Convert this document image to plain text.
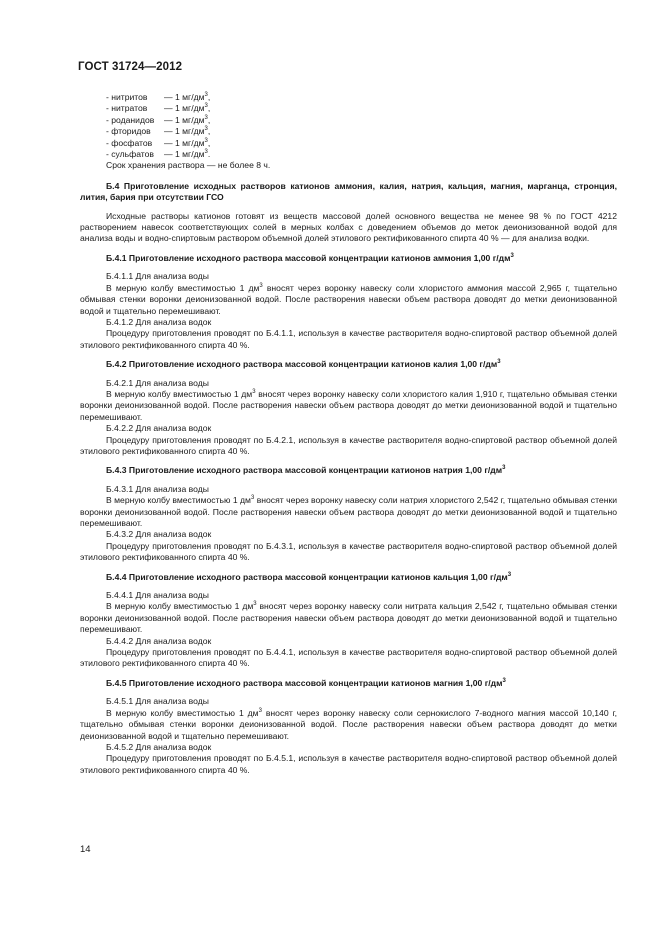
ГОСТ 31724—2012
- нитритов — 1 $мг/дм^3$,
- нитратов — 1 $мг/дм^3$,
- роданидов — 1 $мг/дм^3$,
- фторидов — 1 $мг/дм^3$,
- фосфатов — 1 $мг/дм^3$,
- сульфатов — 1 $мг/дм^3$.
Срок хранения раствора — не более 8 ч.

Б.4 Приготовление исходных растворов катионов аммония, калия, натрия, кальция, магния, марганца, стронция, лития, бария при отсутствии ГСО

Исходные растворы катионов готовят из веществ массовой долей основного вещества не менее 98 % по ГОСТ 4212 растворением навесок соответствующих солей в мерных колбах с доведением объемов до меток деионизованной водой для анализа воды и водно-спиртовым раствором объемной долей этилового ректификованного спирта 40 % — для анализа водки.

Б.4.1 Приготовление исходного раствора массовой концентрации катионов аммония 1,00 $г/дм^3$

Б.4.1.1 Для анализа воды

В мерную колбу вместимостью 1 $дм^3$ вносят через воронку навеску соли хлористого аммония массой 2,965 г, тщательно обмывая стенки воронки деионизованной водой. После растворения навески объем раствора доводят до метки деионизованной водой и тщательно перемешивают.

Б.4.1.2 Для анализа водок

Процедуру приготовления проводят по Б.4.1.1, используя в качестве растворителя водно-спиртовой раствор объемной долей этилового ректификованного спирта 40 %.

Б.4.2 Приготовление исходного раствора массовой концентрации катионов калия 1,00 $г/дм^3$

Б.4.2.1 Для анализа воды

В мерную колбу вместимостью 1 $дм^3$ вносят через воронку навеску соли хлористого калия 1,910 г, тщательно обмывая стенки воронки деионизованной водой. После растворения навески объем раствора доводят до метки деионизованной водой и тщательно перемешивают.

Б.4.2.2 Для анализа водок

Процедуру приготовления проводят по Б.4.2.1, используя в качестве растворителя водно-спиртовой раствор объемной долей этилового ректификованного спирта 40 %.

Б.4.3 Приготовление исходного раствора массовой концентрации катионов натрия 1,00 $г/дм^3$

Б.4.3.1 Для анализа воды

В мерную колбу вместимостью 1 $дм^3$ вносят через воронку навеску соли натрия хлористого 2,542 г, тщательно обмывая стенки воронки деионизованной водой. После растворения навески объем раствора доводят до метки деионизованной водой и тщательно перемешивают.

Б.4.3.2 Для анализа водок

Процедуру приготовления проводят по Б.4.3.1, используя в качестве растворителя водно-спиртовой раствор объемной долей этилового ректификованного спирта 40 %.

Б.4.4 Приготовление исходного раствора массовой концентрации катионов кальция 1,00 $г/дм^3$

Б.4.4.1 Для анализа воды

В мерную колбу вместимостью 1 $дм^3$ вносят через воронку навеску соли нитрата кальция 2,542 г, тщательно обмывая стенки воронки деионизованной водой. После растворения навески объем раствора доводят до метки деионизованной водой и тщательно перемешивают.

Б.4.4.2 Для анализа водок

Процедуру приготовления проводят по Б.4.4.1, используя в качестве растворителя водно-спиртовой раствор объемной долей этилового ректификованного спирта 40 %.

Б.4.5 Приготовление исходного раствора массовой концентрации катионов магния 1,00 $г/дм^3$

Б.4.5.1 Для анализа воды

В мерную колбу вместимостью 1 $дм^3$ вносят через воронку навеску соли сернокислого 7-водного магния массой 10,140 г, тщательно обмывая стенки воронки деионизованной водой. После растворения навески объем раствора доводят до метки деионизованной водой и тщательно перемешивают.

Б.4.5.2 Для анализа водок

Процедуру приготовления проводят по Б.4.5.1, используя в качестве растворителя водно-спиртовой раствор объемной долей этилового ректификованного спирта 40 %.

14
